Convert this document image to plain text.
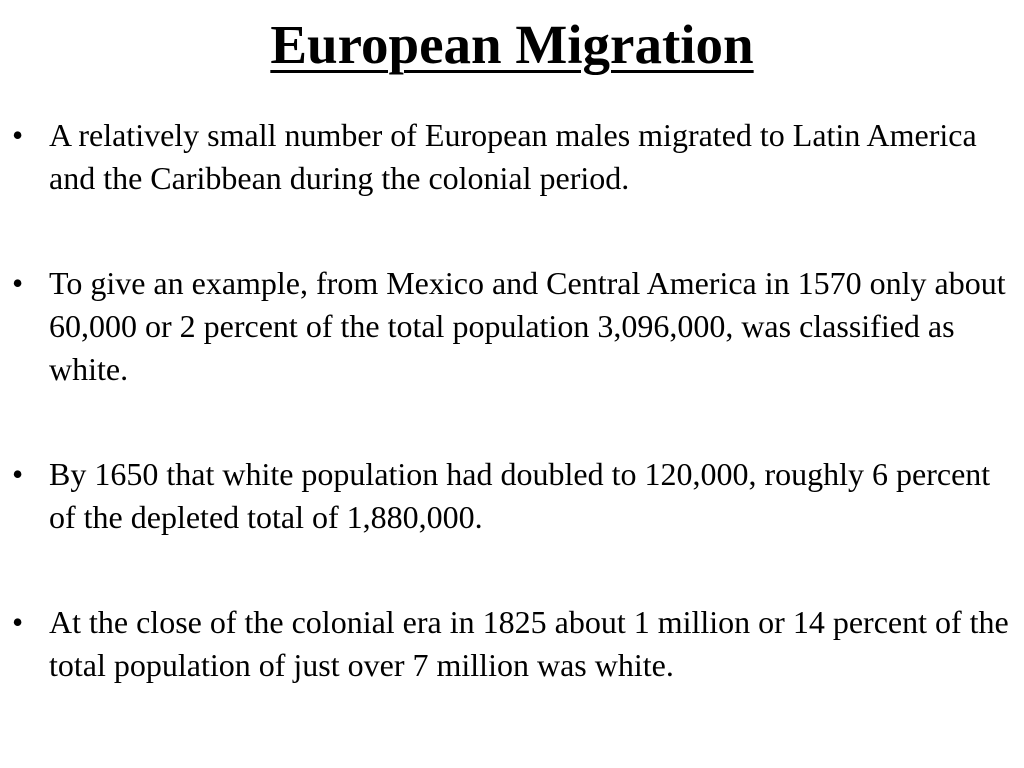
European Migration
• A relatively small number of European males migrated to Latin America and the Caribbean during the colonial period.
• To give an example, from Mexico and Central America in 1570 only about 60,000 or 2 percent of the total population 3,096,000, was classified as white.
• By 1650 that white population had doubled to 120,000, roughly 6 percent of the depleted total of 1,880,000.
• At the close of the colonial era in 1825 about 1 million or 14 percent of the total population of just over 7 million was white.
